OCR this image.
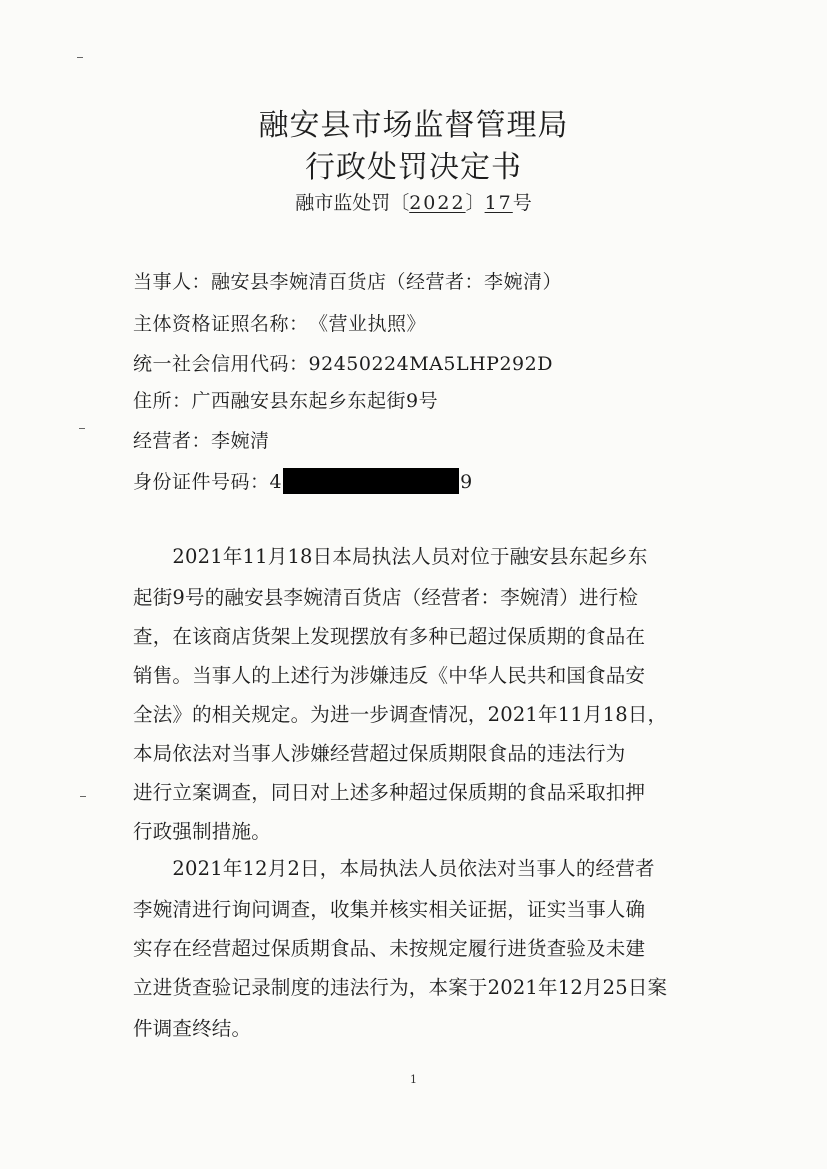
融安县市场监督管理局
行政处罚决定书
融市监处罚〔2022〕17号
当事人：融安县李婉清百货店（经营者：李婉清）
主体资格证照名称： 《营业执照》
统一社会信用代码：92450224MA5LHP292D
住所：广西融安县东起乡东起街9号
经营者：李婉清
身份证件号码：4	9
　　2021年11月18日本局执法人员对位于融安县东起乡东
起街9号的融安县李婉清百货店（经营者：李婉清）进行检
查，在该商店货架上发现摆放有多种已超过保质期的食品在
销售。当事人的上述行为涉嫌违反《中华人民共和国食品安
全法》的相关规定。为进一步调查情况，2021年11月18日，
本局依法对当事人涉嫌经营超过保质期限食品的违法行为
进行立案调查，同日对上述多种超过保质期的食品采取扣押
行政强制措施。
　　2021年12月2日，本局执法人员依法对当事人的经营者
李婉清进行询问调查，收集并核实相关证据，证实当事人确
实存在经营超过保质期食品、未按规定履行进货查验及未建
立进货查验记录制度的违法行为，本案于2021年12月25日案
件调查终结。
1
